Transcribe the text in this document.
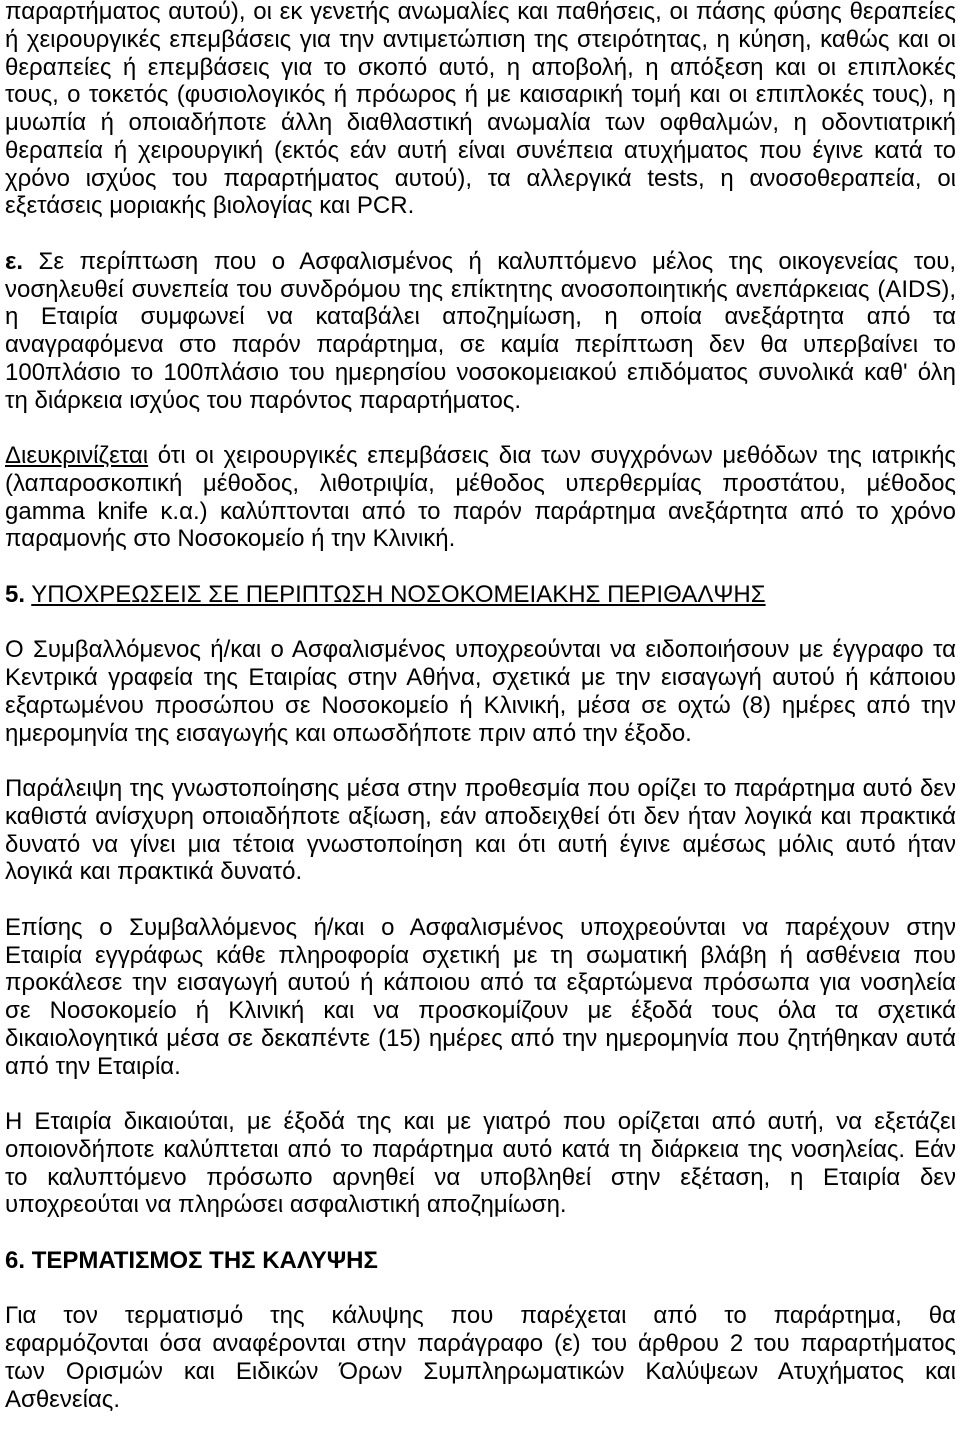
παραρτήματος αυτού), οι εκ γενετής ανωμαλίες και παθήσεις, οι πάσης φύσης θεραπείες
ή χειρουργικές επεμβάσεις για την αντιμετώπιση της στειρότητας, η κύηση, καθώς και οι
θεραπείες ή επεμβάσεις για το σκοπό αυτό, η αποβολή, η απόξεση και οι επιπλοκές
τους, ο τοκετός (φυσιολογικός ή πρόωρος ή με καισαρική τομή και οι επιπλοκές τους), η
μυωπία ή οποιαδήποτε άλλη διαθλαστική ανωμαλία των οφθαλμών, η οδοντιατρική
θεραπεία ή χειρουργική (εκτός εάν αυτή είναι συνέπεια ατυχήματος που έγινε κατά το
χρόνο ισχύος του παραρτήματος αυτού), τα αλλεργικά tests, η ανοσοθεραπεία, οι
εξετάσεις μοριακής βιολογίας και PCR.
ε. Σε περίπτωση που ο Ασφαλισμένος ή καλυπτόμενο μέλος της οικογενείας του,
νοσηλευθεί συνεπεία του συνδρόμου της επίκτητης ανοσοποιητικής ανεπάρκειας (AIDS),
η Εταιρία συμφωνεί να καταβάλει αποζημίωση, η οποία ανεξάρτητα από τα
αναγραφόμενα στο παρόν παράρτημα, σε καμία περίπτωση δεν θα υπερβαίνει το
100πλάσιο το 100πλάσιο του ημερησίου νοσοκομειακού επιδόματος συνολικά καθ' όλη
τη διάρκεια ισχύος του παρόντος παραρτήματος.
Διευκρινίζεται ότι οι χειρουργικές επεμβάσεις δια των συγχρόνων μεθόδων της ιατρικής
(λαπαροσκοπική μέθοδος, λιθοτριψία, μέθοδος υπερθερμίας προστάτου, μέθοδος
gamma knife κ.α.) καλύπτονται από το παρόν παράρτημα ανεξάρτητα από το χρόνο
παραμονής στο Νοσοκομείο ή την Κλινική.
5. ΥΠΟΧΡΕΩΣΕΙΣ ΣΕ ΠΕΡΙΠΤΩΣΗ ΝΟΣΟΚΟΜΕΙΑΚΗΣ ΠΕΡΙΘΑΛΨΗΣ
Ο Συμβαλλόμενος ή/και ο Ασφαλισμένος υποχρεούνται να ειδοποιήσουν με έγγραφο τα
Κεντρικά γραφεία της Εταιρίας στην Αθήνα, σχετικά με την εισαγωγή αυτού ή κάποιου
εξαρτωμένου προσώπου σε Νοσοκομείο ή Κλινική, μέσα σε οχτώ (8) ημέρες από την
ημερομηνία της εισαγωγής και οπωσδήποτε πριν από την έξοδο.
Παράλειψη της γνωστοποίησης μέσα στην προθεσμία που ορίζει το παράρτημα αυτό δεν
καθιστά ανίσχυρη οποιαδήποτε αξίωση, εάν αποδειχθεί ότι δεν ήταν λογικά και πρακτικά
δυνατό να γίνει μια τέτοια γνωστοποίηση και ότι αυτή έγινε αμέσως μόλις αυτό ήταν
λογικά και πρακτικά δυνατό.
Επίσης ο Συμβαλλόμενος ή/και ο Ασφαλισμένος υποχρεούνται να παρέχουν στην
Εταιρία εγγράφως κάθε πληροφορία σχετική με τη σωματική βλάβη ή ασθένεια που
προκάλεσε την εισαγωγή αυτού ή κάποιου από τα εξαρτώμενα πρόσωπα για νοσηλεία
σε Νοσοκομείο ή Κλινική και να προσκομίζουν με έξοδά τους όλα τα σχετικά
δικαιολογητικά μέσα σε δεκαπέντε (15) ημέρες από την ημερομηνία που ζητήθηκαν αυτά
από την Εταιρία.
Η Εταιρία δικαιούται, με έξοδά της και με γιατρό που ορίζεται από αυτή, να εξετάζει
οποιονδήποτε καλύπτεται από το παράρτημα αυτό κατά τη διάρκεια της νοσηλείας. Εάν
το καλυπτόμενο πρόσωπο αρνηθεί να υποβληθεί στην εξέταση, η Εταιρία δεν
υποχρεούται να πληρώσει ασφαλιστική αποζημίωση.
6. ΤΕΡΜΑΤΙΣΜΟΣ ΤΗΣ ΚΑΛΥΨΗΣ
Για τον τερματισμό της κάλυψης που παρέχεται από το παράρτημα, θα
εφαρμόζονται όσα αναφέρονται στην παράγραφο (ε) του άρθρου 2 του παραρτήματος
των Ορισμών και Ειδικών Όρων Συμπληρωματικών Καλύψεων Ατυχήματος και
Ασθενείας.
